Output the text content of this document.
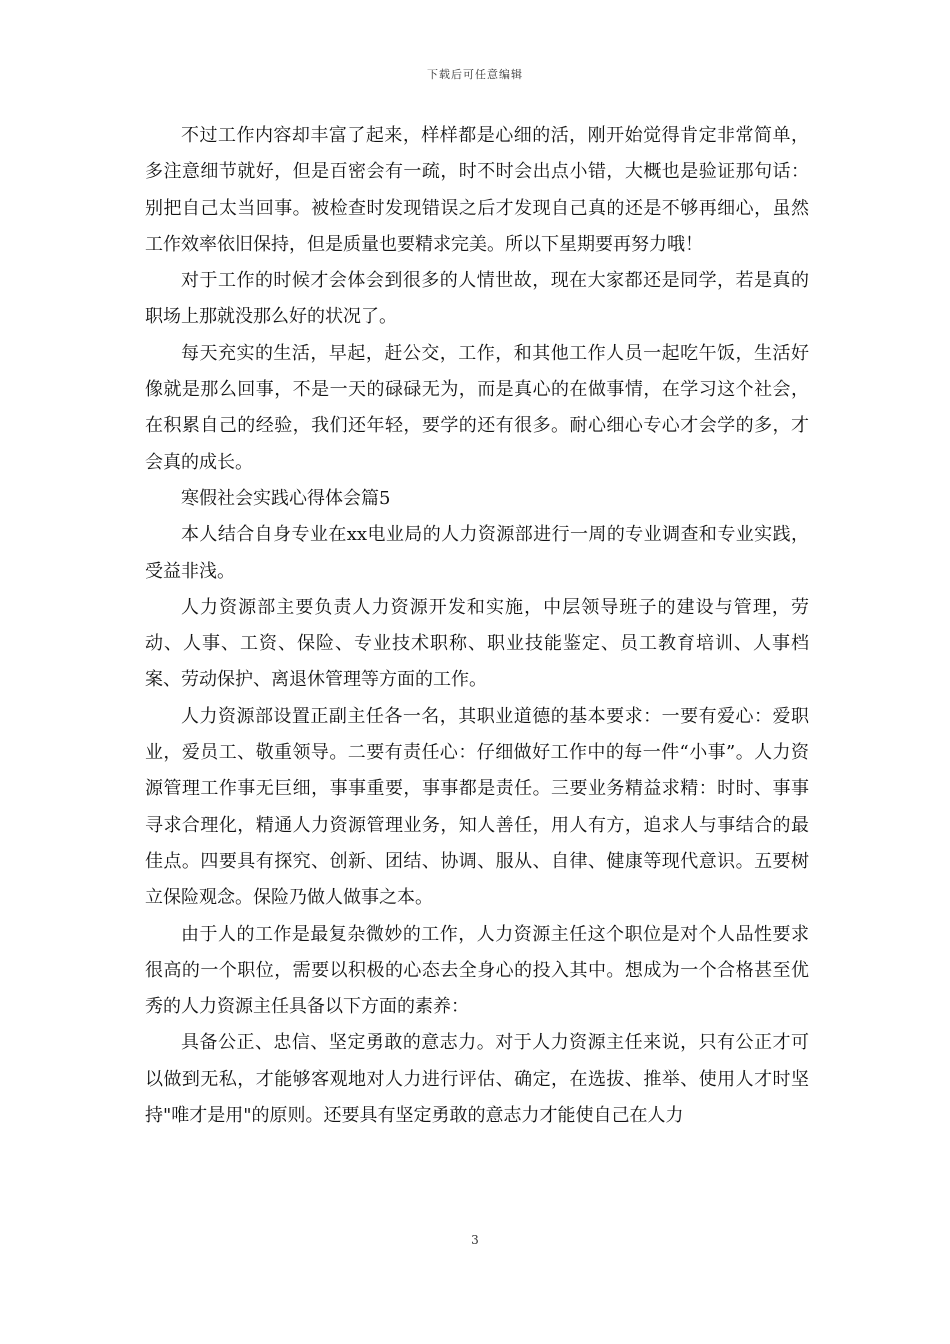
下载后可任意编辑

不过工作内容却丰富了起来，样样都是心细的活，刚开始觉得肯定非常简单，多注意细节就好，但是百密会有一疏，时不时会出点小错，大概也是验证那句话：别把自己太当回事。被检查时发现错误之后才发现自己真的还是不够再细心，虽然工作效率依旧保持，但是质量也要精求完美。所以下星期要再努力哦！

对于工作的时候才会体会到很多的人情世故，现在大家都还是同学，若是真的职场上那就没那么好的状况了。

每天充实的生活，早起，赶公交，工作，和其他工作人员一起吃午饭，生活好像就是那么回事，不是一天的碌碌无为，而是真心的在做事情，在学习这个社会，在积累自己的经验，我们还年轻，要学的还有很多。耐心细心专心才会学的多，才会真的成长。

寒假社会实践心得体会篇5

本人结合自身专业在xx电业局的人力资源部进行一周的专业调查和专业实践，受益非浅。

人力资源部主要负责人力资源开发和实施，中层领导班子的建设与管理，劳动、人事、工资、保险、专业技术职称、职业技能鉴定、员工教育培训、人事档案、劳动保护、离退休管理等方面的工作。

人力资源部设置正副主任各一名，其职业道德的基本要求：一要有爱心：爱职业，爱员工、敬重领导。二要有责任心：仔细做好工作中的每一件“小事”。人力资源管理工作事无巨细，事事重要，事事都是责任。三要业务精益求精：时时、事事寻求合理化，精通人力资源管理业务，知人善任，用人有方，追求人与事结合的最佳点。四要具有探究、创新、团结、协调、服从、自律、健康等现代意识。五要树立保险观念。保险乃做人做事之本。

由于人的工作是最复杂微妙的工作，人力资源主任这个职位是对个人品性要求很高的一个职位，需要以积极的心态去全身心的投入其中。想成为一个合格甚至优秀的人力资源主任具备以下方面的素养：

具备公正、忠信、坚定勇敢的意志力。对于人力资源主任来说，只有公正才可以做到无私，才能够客观地对人力进行评估、确定，在选拔、推举、使用人才时坚持"唯才是用"的原则。还要具有坚定勇敢的意志力才能使自己在人力

3
